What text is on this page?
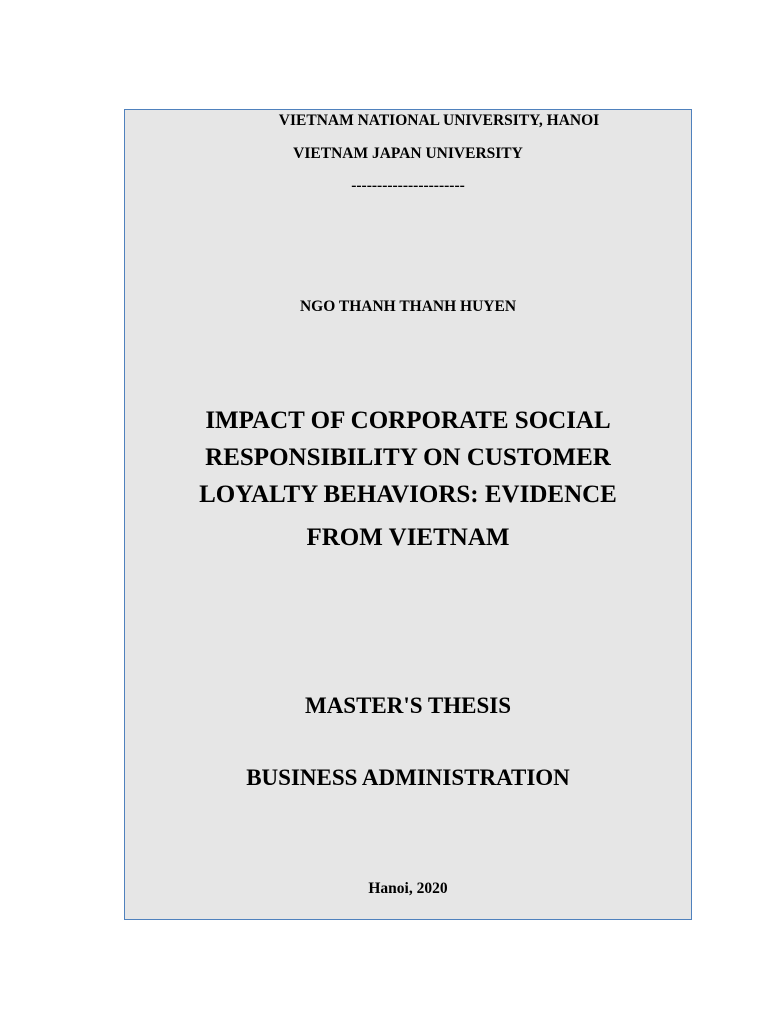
VIETNAM NATIONAL UNIVERSITY, HANOI
VIETNAM JAPAN UNIVERSITY
----------------------
NGO THANH THANH HUYEN
IMPACT OF CORPORATE SOCIAL
RESPONSIBILITY ON CUSTOMER
LOYALTY BEHAVIORS: EVIDENCE
FROM VIETNAM
MASTER'S THESIS
BUSINESS ADMINISTRATION
Hanoi, 2020
